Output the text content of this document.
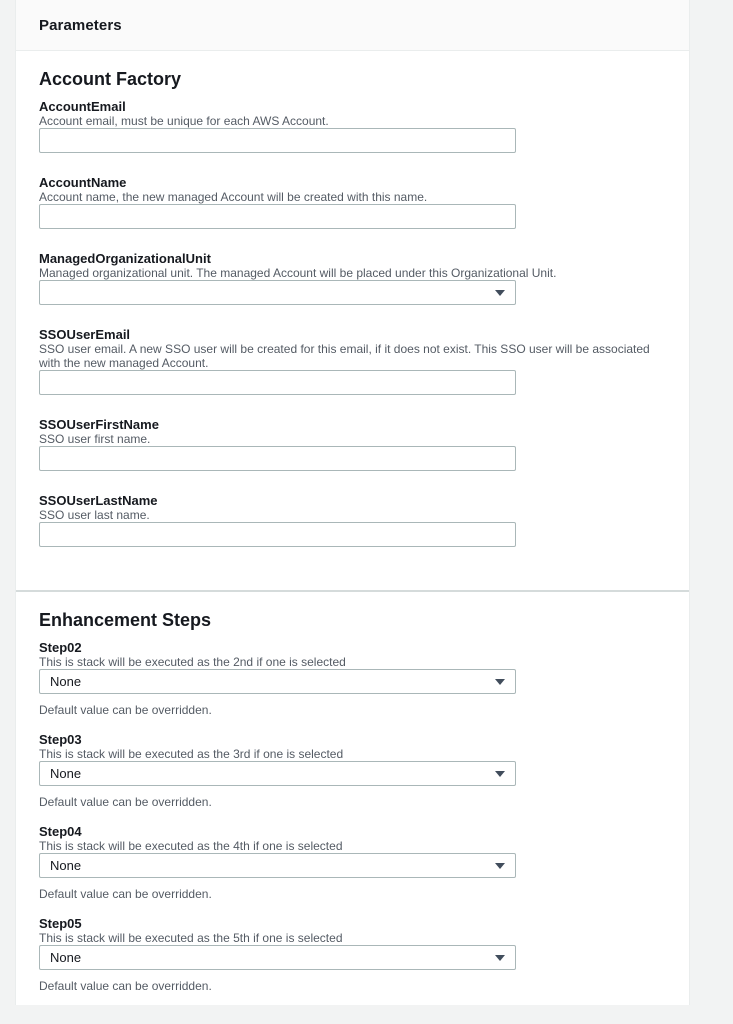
Parameters
Account Factory
AccountEmail
Account email, must be unique for each AWS Account.
AccountName
Account name, the new managed Account will be created with this name.
ManagedOrganizationalUnit
Managed organizational unit. The managed Account will be placed under this Organizational Unit.
SSOUserEmail
SSO user email. A new SSO user will be created for this email, if it does not exist. This SSO user will be associated with the new managed Account.
SSOUserFirstName
SSO user first name.
SSOUserLastName
SSO user last name.
Enhancement Steps
Step02
This is stack will be executed as the 2nd if one is selected
None
Default value can be overridden.
Step03
This is stack will be executed as the 3rd if one is selected
None
Default value can be overridden.
Step04
This is stack will be executed as the 4th if one is selected
None
Default value can be overridden.
Step05
This is stack will be executed as the 5th if one is selected
None
Default value can be overridden.
